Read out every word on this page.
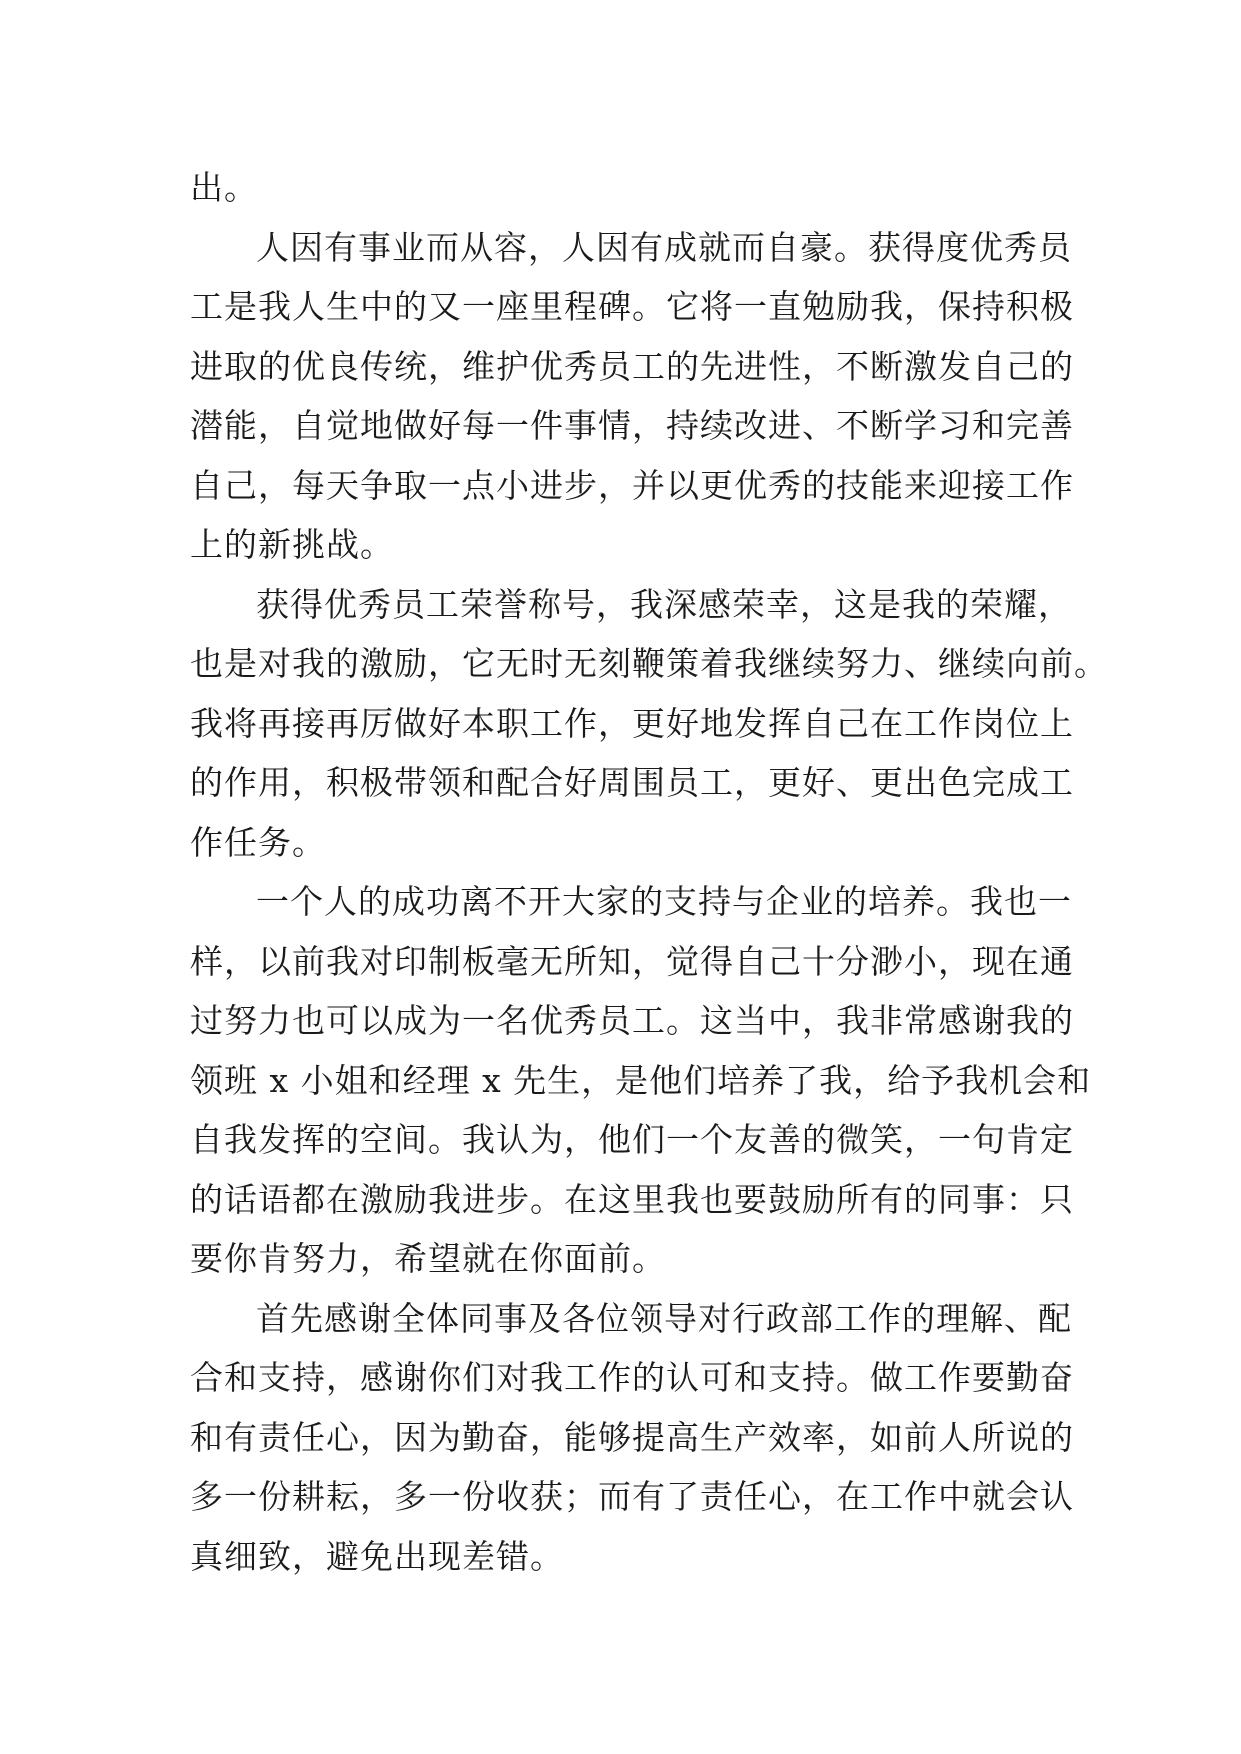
出。
人因有事业而从容，人因有成就而自豪。获得度优秀员
工是我人生中的又一座里程碑。它将一直勉励我，保持积极
进取的优良传统，维护优秀员工的先进性，不断激发自己的
潜能，自觉地做好每一件事情，持续改进、不断学习和完善
自己，每天争取一点小进步，并以更优秀的技能来迎接工作
上的新挑战。
获得优秀员工荣誉称号，我深感荣幸，这是我的荣耀，
也是对我的激励，它无时无刻鞭策着我继续努力、继续向前。
我将再接再厉做好本职工作，更好地发挥自己在工作岗位上
的作用，积极带领和配合好周围员工，更好、更出色完成工
作任务。
一个人的成功离不开大家的支持与企业的培养。我也一
样，以前我对印制板毫无所知，觉得自己十分渺小，现在通
过努力也可以成为一名优秀员工。这当中，我非常感谢我的
领班 x 小姐和经理 x 先生，是他们培养了我，给予我机会和
自我发挥的空间。我认为，他们一个友善的微笑，一句肯定
的话语都在激励我进步。在这里我也要鼓励所有的同事：只
要你肯努力，希望就在你面前。
首先感谢全体同事及各位领导对行政部工作的理解、配
合和支持，感谢你们对我工作的认可和支持。做工作要勤奋
和有责任心，因为勤奋，能够提高生产效率，如前人所说的
多一份耕耘，多一份收获；而有了责任心，在工作中就会认
真细致，避免出现差错。
